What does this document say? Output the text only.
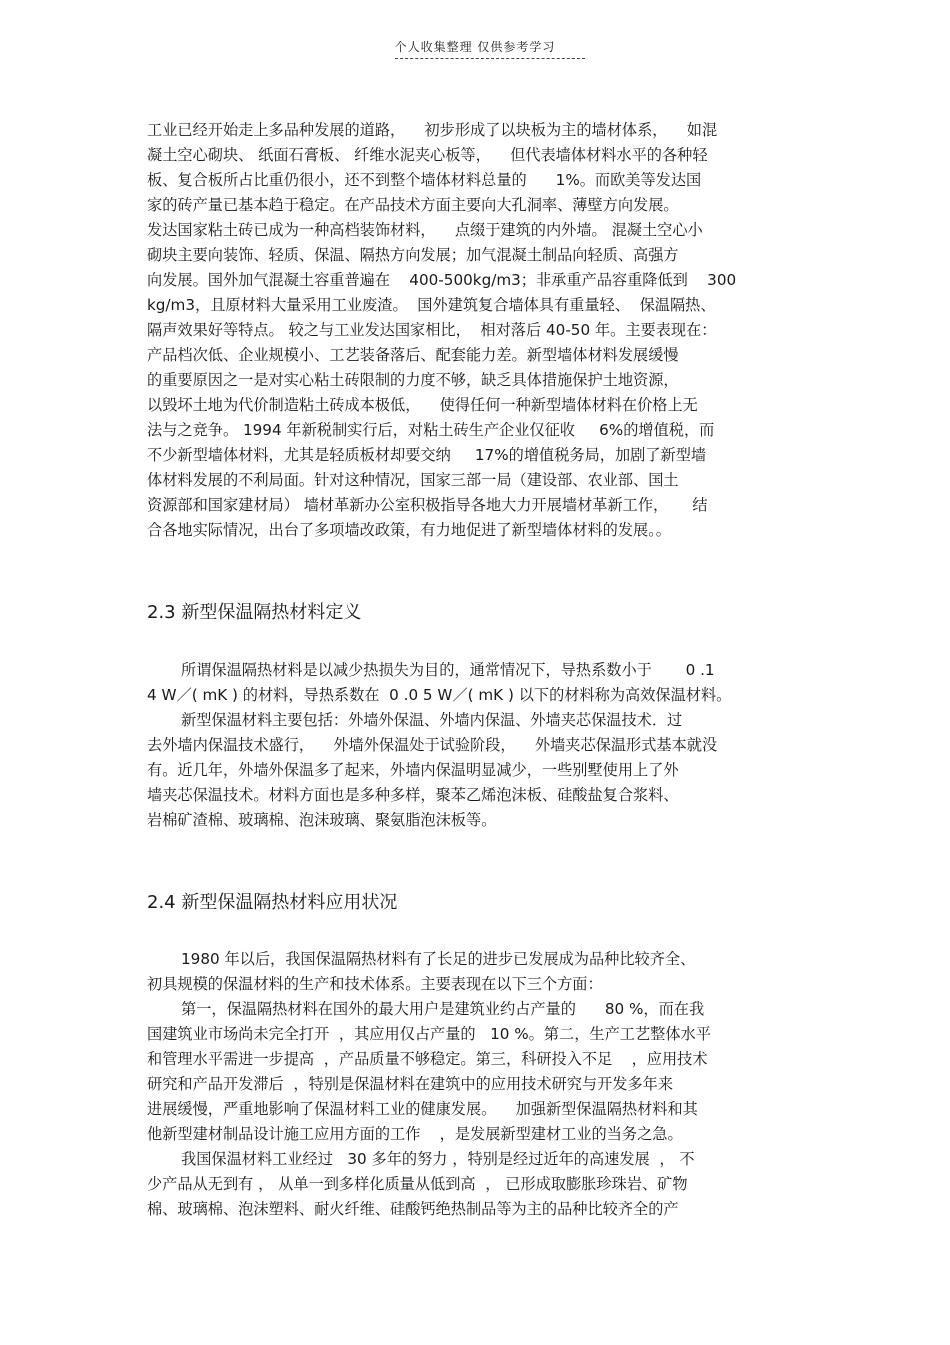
个人收集整理 仅供参考学习
工业已经开始走上多品种发展的道路，    初步形成了以块板为主的墙材体系，    如混
凝土空心砌块、 纸面石膏板、 纤维水泥夹心板等，    但代表墙体材料水平的各种轻
板、复合板所占比重仍很小，还不到整个墙体材料总量的      1%。而欧美等发达国
家的砖产量已基本趋于稳定。在产品技术方面主要向大孔洞率、薄壁方向发展。
发达国家粘土砖已成为一种高档装饰材料，    点缀于建筑的内外墙。 混凝土空心小
砌块主要向装饰、轻质、保温、隔热方向发展；加气混凝土制品向轻质、高强方
向发展。国外加气混凝土容重普遍在    400-500kg/m3；非承重产品容重降低到    300
kg/m3，且原材料大量采用工业废渣。  国外建筑复合墙体具有重量轻、  保温隔热、
隔声效果好等特点。 较之与工业发达国家相比，  相对落后 40-50 年。主要表现在：
产品档次低、企业规模小、工艺装备落后、配套能力差。新型墙体材料发展缓慢
的重要原因之一是对实心粘土砖限制的力度不够，缺乏具体措施保护土地资源，
以毁坏土地为代价制造粘土砖成本极低，    使得任何一种新型墙体材料在价格上无
法与之竞争。 1994 年新税制实行后，对粘土砖生产企业仅征收     6%的增值税，而
不少新型墙体材料，尤其是轻质板材却要交纳     17%的增值税务局，加剧了新型墙
体材料发展的不利局面。针对这种情况，国家三部一局（建设部、农业部、国土
资源部和国家建材局） 墙材革新办公室积极指导各地大力开展墙材革新工作，     结
合各地实际情况，出台了多项墙改政策，有力地促进了新型墙体材料的发展。。
2.3 新型保温隔热材料定义
所谓保温隔热材料是以减少热损失为目的，通常情况下，导热系数小于       0 .1
4 W／( mK ) 的材料，导热系数在  0 .0 5 W／( mK ) 以下的材料称为高效保温材料。
新型保温材料主要包括：外墙外保温、外墙内保温、外墙夹芯保温技术．过
去外墙内保温技术盛行，    外墙外保温处于试验阶段，    外墙夹芯保温形式基本就没
有。近几年，外墙外保温多了起来，外墙内保温明显减少，一些别墅使用上了外
墙夹芯保温技术。材料方面也是多种多样，聚苯乙烯泡沫板、硅酸盐复合浆料、
岩棉矿渣棉、玻璃棉、泡沫玻璃、聚氨脂泡沫板等。
2.4 新型保温隔热材料应用状况
1980 年以后，我国保温隔热材料有了长足的进步已发展成为品种比较齐全、
初具规模的保温材料的生产和技术体系。主要表现在以下三个方面：
第一，保温隔热材料在国外的最大用户是建筑业约占产量的      80 %，而在我
国建筑业市场尚未完全打开  ，其应用仅占产量的   10 %。第二，生产工艺整体水平
和管理水平需进一步提高  ，产品质量不够稳定。第三，科研投入不足    ，应用技术
研究和产品开发滞后  ，特别是保温材料在建筑中的应用技术研究与开发多年来
进展缓慢，严重地影响了保温材料工业的健康发展。    加强新型保温隔热材料和其
他新型建材制品设计施工应用方面的工作    ，是发展新型建材工业的当务之急。
我国保温材料工业经过   30 多年的努力 ，特别是经过近年的高速发展  ， 不
少产品从无到有 ， 从单一到多样化质量从低到高  ， 已形成取膨胀珍珠岩、矿物
棉、玻璃棉、泡沫塑料、耐火纤维、硅酸钙绝热制品等为主的品种比较齐全的产
